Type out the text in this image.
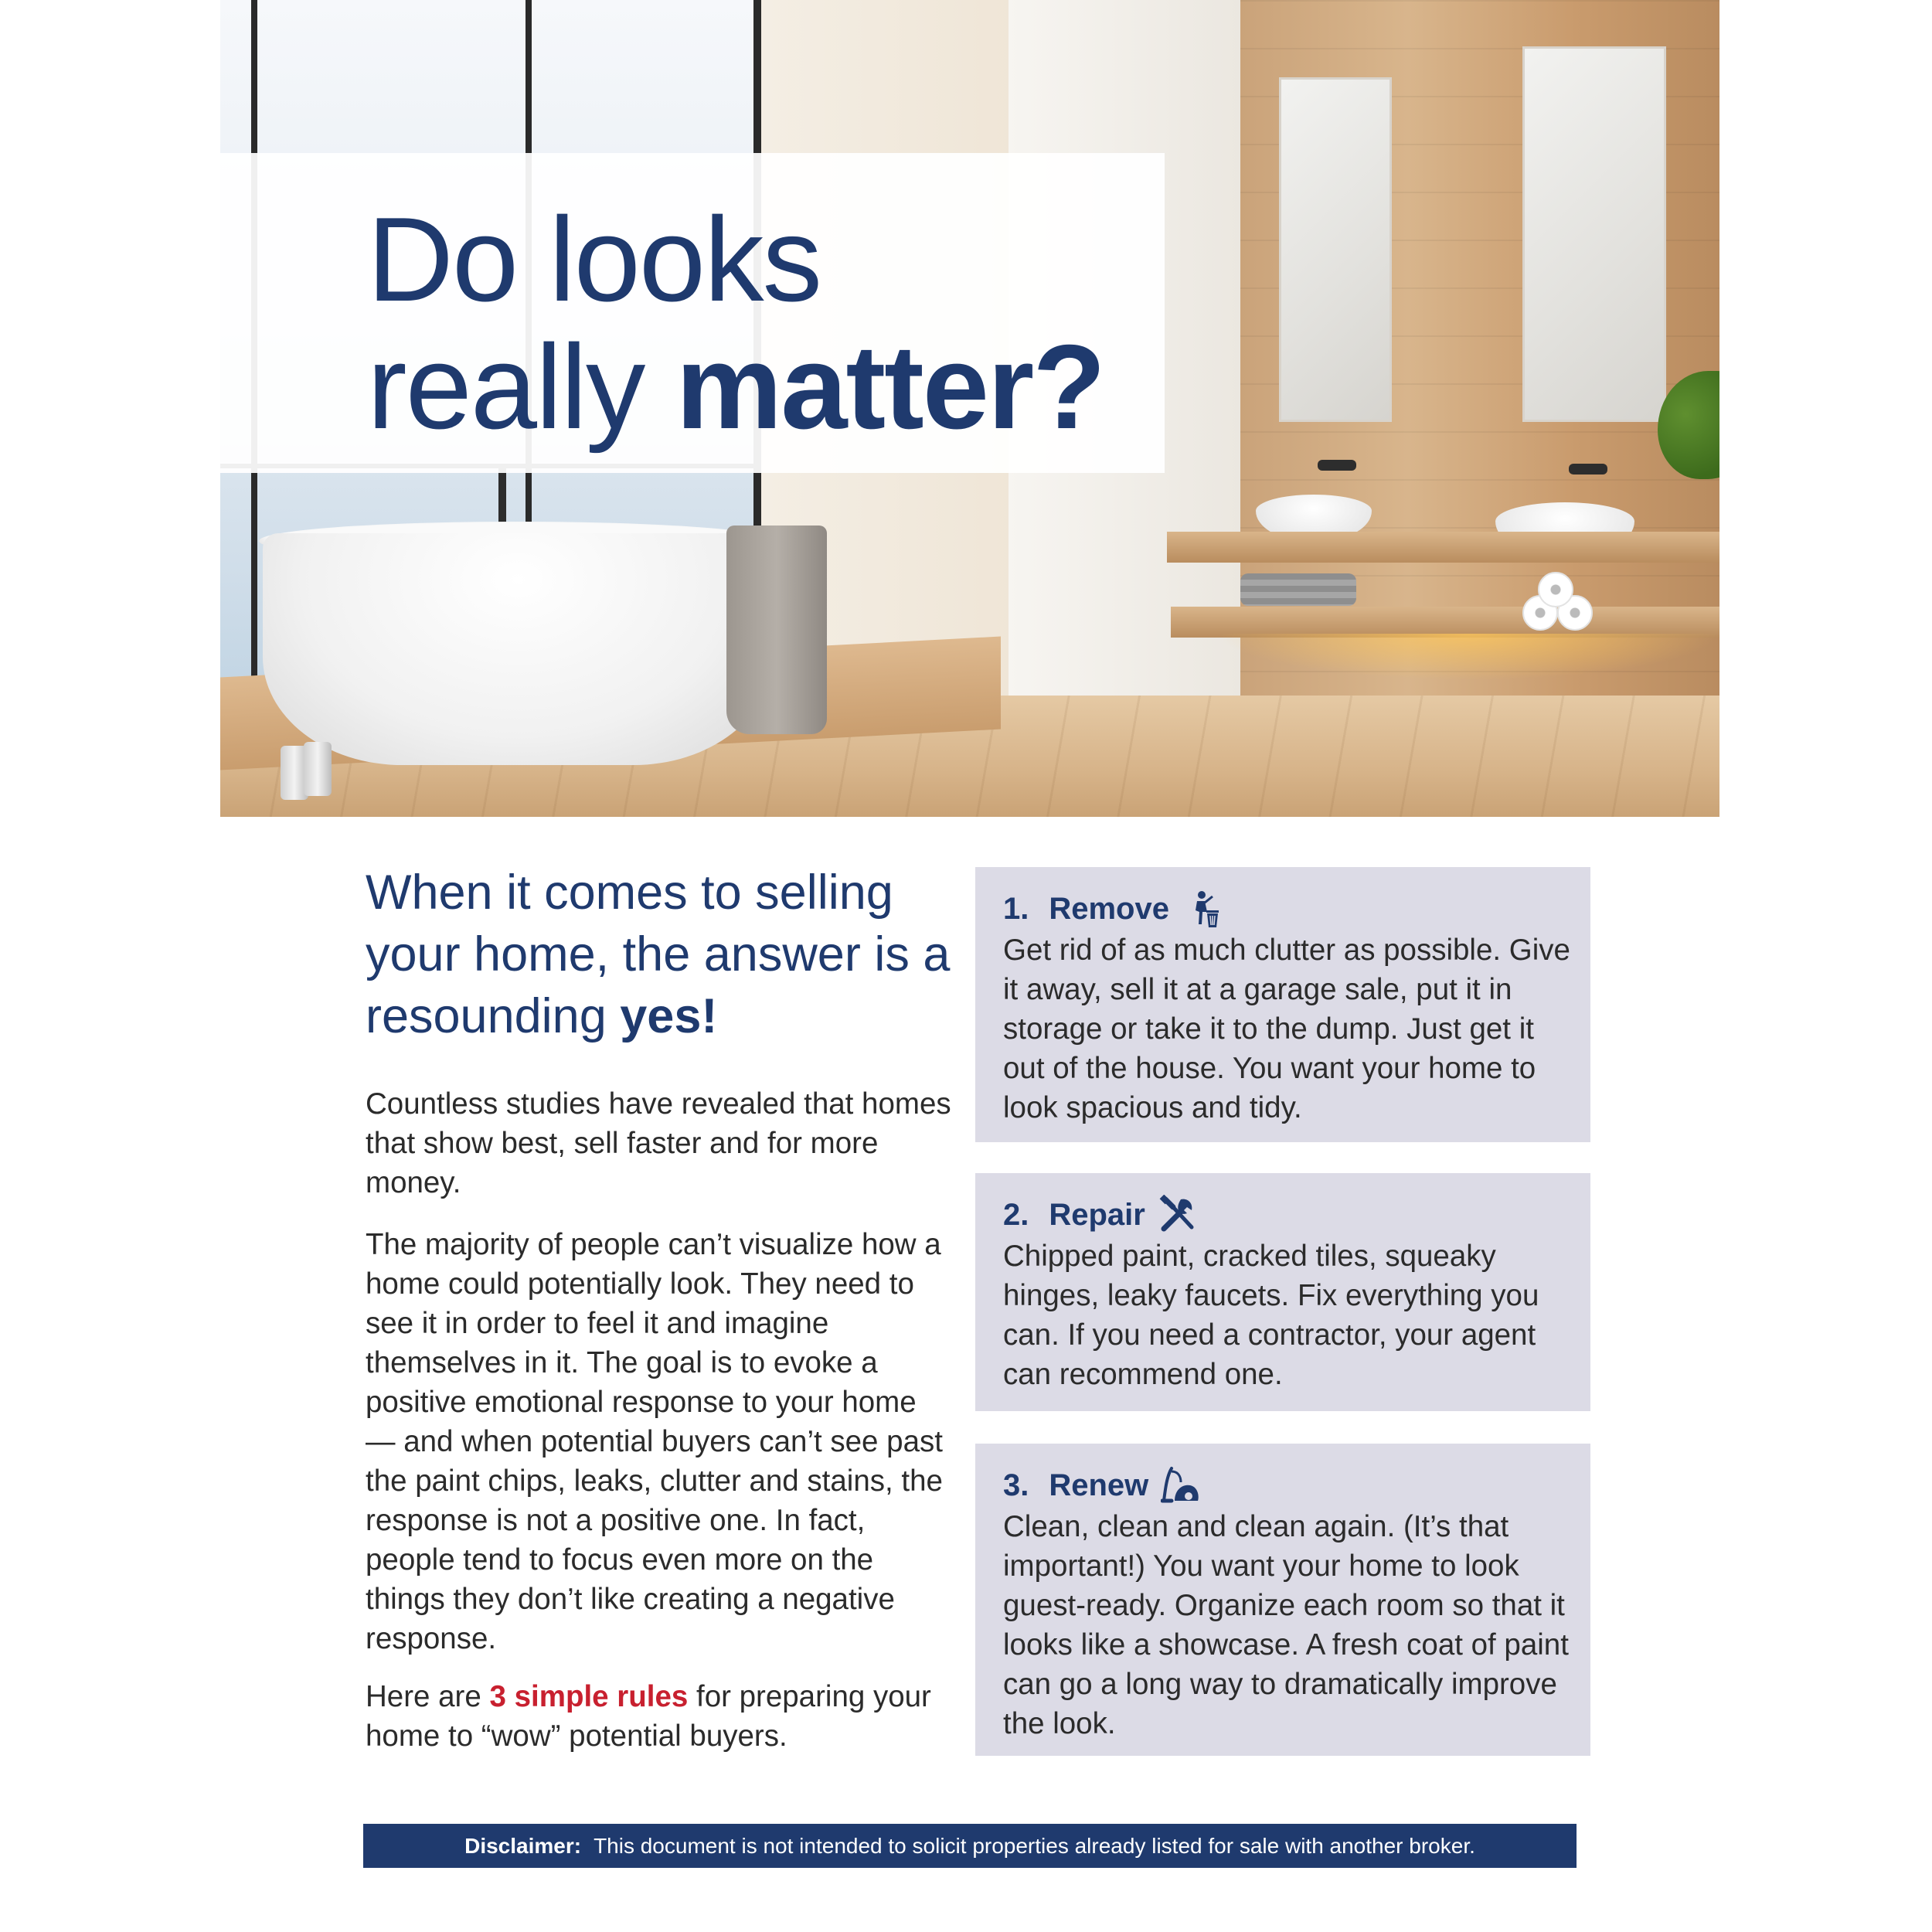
Do looks
really matter?
When it comes to selling your home, the answer is a resounding yes!
Countless studies have revealed that homes that show best, sell faster and for more money.
The majority of people can’t visualize how a home could potentially look. They need to see it in order to feel it and imagine themselves in it. The goal is to evoke a positive emotional response to your home — and when potential buyers can’t see past the paint chips, leaks, clutter and stains, the response is not a positive one. In fact, people tend to focus even more on the things they don’t like creating a negative response.
Here are 3 simple rules for preparing your home to “wow” potential buyers.
1. Remove
Get rid of as much clutter as possible. Give it away, sell it at a garage sale, put it in storage or take it to the dump. Just get it out of the house. You want your home to look spacious and tidy.
2. Repair
Chipped paint, cracked tiles, squeaky hinges, leaky faucets. Fix everything you can. If you need a contractor, your agent can recommend one.
3. Renew
Clean, clean and clean again. (It’s that important!) You want your home to look guest-ready. Organize each room so that it looks like a showcase. A fresh coat of paint can go a long way to dramatically improve the look.
Disclaimer: This document is not intended to solicit properties already listed for sale with another broker.
